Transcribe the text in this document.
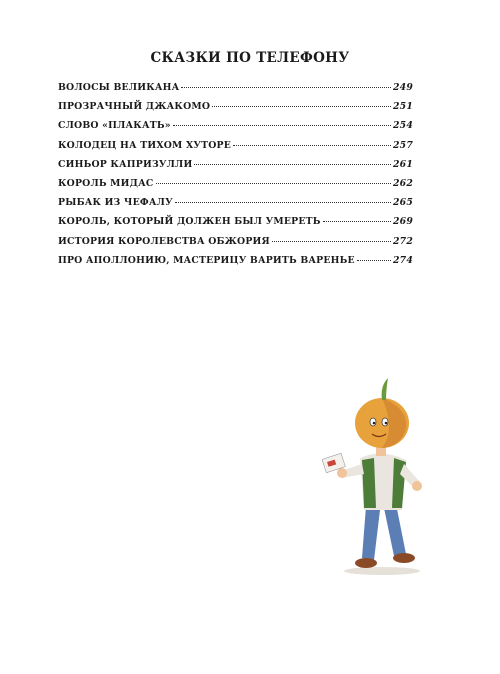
СКАЗКИ ПО ТЕЛЕФОНУ
ВОЛОСЫ ВЕЛИКАНА	249
ПРОЗРАЧНЫЙ ДЖАКОМО	251
СЛОВО «ПЛАКАТЬ»	254
КОЛОДЕЦ НА ТИХОМ ХУТОРЕ	257
СИНЬОР КАПРИЗУЛЛИ	261
КОРОЛЬ МИДАС	262
РЫБАК ИЗ ЧЕФАЛУ	265
КОРОЛЬ, КОТОРЫЙ ДОЛЖЕН БЫЛ УМЕРЕТЬ	269
ИСТОРИЯ КОРОЛЕВСТВА ОБЖОРИЯ	272
ПРО АПОЛЛОНИЮ, МАСТЕРИЦУ ВАРИТЬ ВАРЕНЬЕ	274
